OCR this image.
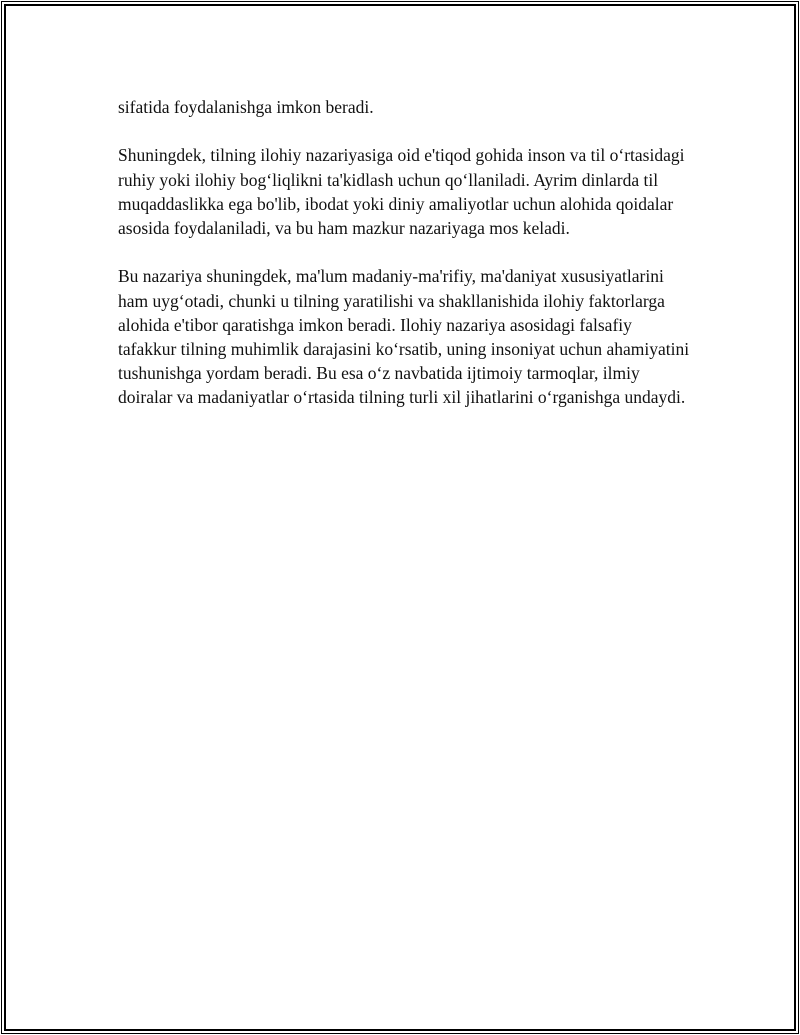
sifatida foydalanishga imkon beradi.

Shuningdek, tilning ilohiy nazariyasiga oid e'tiqod gohida inson va til o‘rtasidagi ruhiy yoki ilohiy bog‘liqlikni ta'kidlash uchun qo‘llaniladi. Ayrim dinlarda til muqaddaslikka ega bo'lib, ibodat yoki diniy amaliyotlar uchun alohida qoidalar asosida foydalaniladi, va bu ham mazkur nazariyaga mos keladi.

Bu nazariya shuningdek, ma'lum madaniy-ma'rifiy, ma'daniyat xususiyatlarini ham uyg‘otadi, chunki u tilning yaratilishi va shakllanishida ilohiy faktorlarga alohida e'tibor qaratishga imkon beradi. Ilohiy nazariya asosidagi falsafiy tafakkur tilning muhimlik darajasini ko‘rsatib, uning insoniyat uchun ahamiyatini tushunishga yordam beradi. Bu esa o‘z navbatida ijtimoiy tarmoqlar, ilmiy doiralar va madaniyatlar o‘rtasida tilning turli xil jihatlarini o‘rganishga undaydi.
